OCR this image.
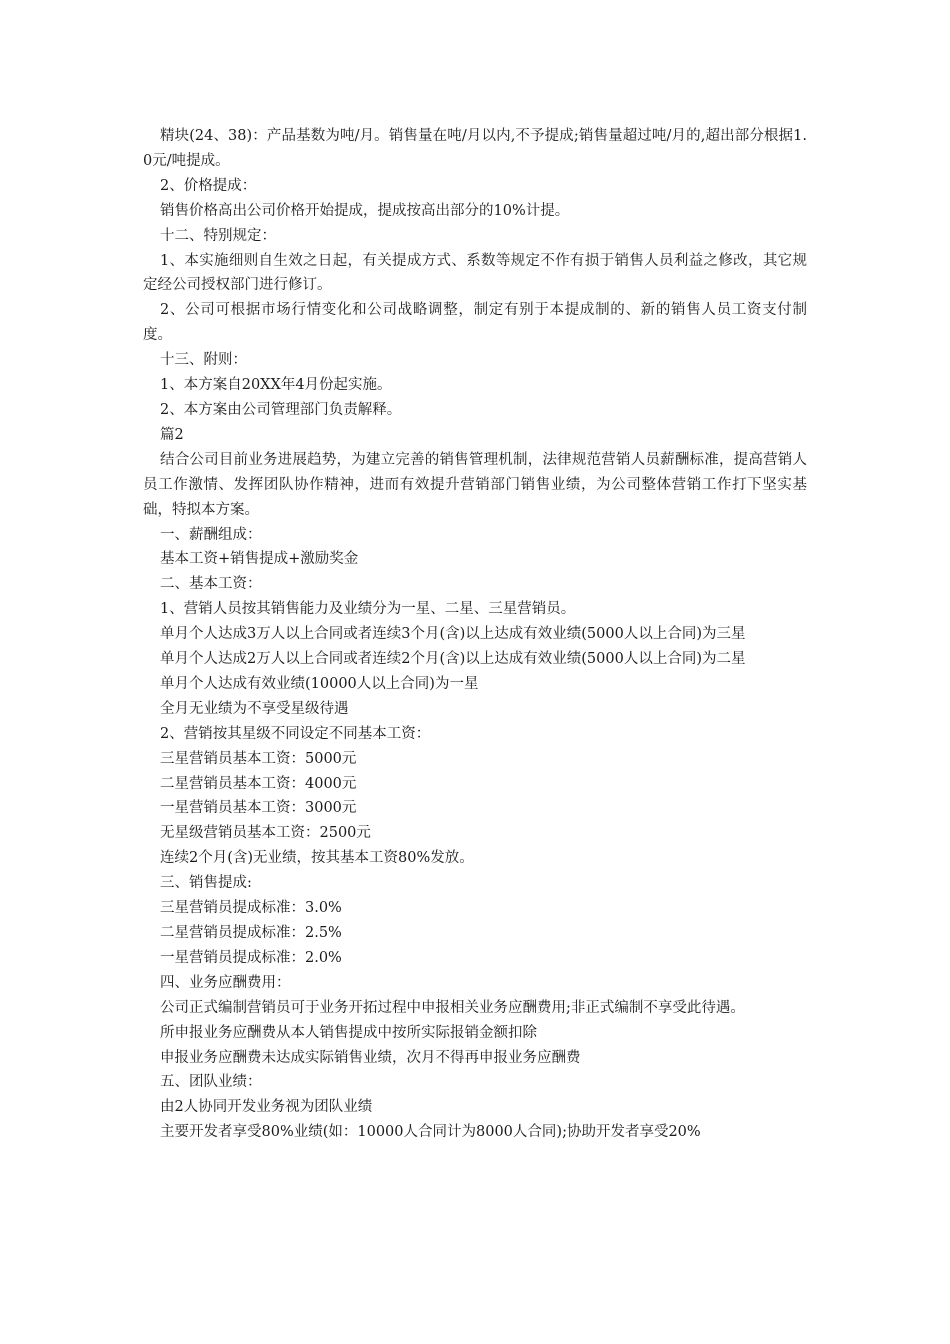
精块(24、38)：产品基数为吨/月。销售量在吨/月以内,不予提成;销售量超过吨/月的,超出部分根据1.0元/吨提成。

2、价格提成：

销售价格高出公司价格开始提成，提成按高出部分的10%计提。

十二、特别规定：

1、本实施细则自生效之日起，有关提成方式、系数等规定不作有损于销售人员利益之修改，其它规定经公司授权部门进行修订。

2、公司可根据市场行情变化和公司战略调整，制定有别于本提成制的、新的销售人员工资支付制度。

十三、附则：

1、本方案自20XX年4月份起实施。

2、本方案由公司管理部门负责解释。

篇2

结合公司目前业务进展趋势，为建立完善的销售管理机制，法律规范营销人员薪酬标准，提高营销人员工作激情、发挥团队协作精神，进而有效提升营销部门销售业绩，为公司整体营销工作打下坚实基础，特拟本方案。

一、薪酬组成：

基本工资+销售提成+激励奖金

二、基本工资：

1、营销人员按其销售能力及业绩分为一星、二星、三星营销员。

单月个人达成3万人以上合同或者连续3个月(含)以上达成有效业绩(5000人以上合同)为三星

单月个人达成2万人以上合同或者连续2个月(含)以上达成有效业绩(5000人以上合同)为二星

单月个人达成有效业绩(10000人以上合同)为一星

全月无业绩为不享受星级待遇

2、营销按其星级不同设定不同基本工资：

三星营销员基本工资：5000元

二星营销员基本工资：4000元

一星营销员基本工资：3000元

无星级营销员基本工资：2500元

连续2个月(含)无业绩，按其基本工资80%发放。

三、销售提成:

三星营销员提成标准：3.0%

二星营销员提成标准：2.5%

一星营销员提成标准：2.0%

四、业务应酬费用：

公司正式编制营销员可于业务开拓过程中申报相关业务应酬费用;非正式编制不享受此待遇。

所申报业务应酬费从本人销售提成中按所实际报销金额扣除

申报业务应酬费未达成实际销售业绩，次月不得再申报业务应酬费

五、团队业绩：

由2人协同开发业务视为团队业绩

主要开发者享受80%业绩(如：10000人合同计为8000人合同);协助开发者享受20%
